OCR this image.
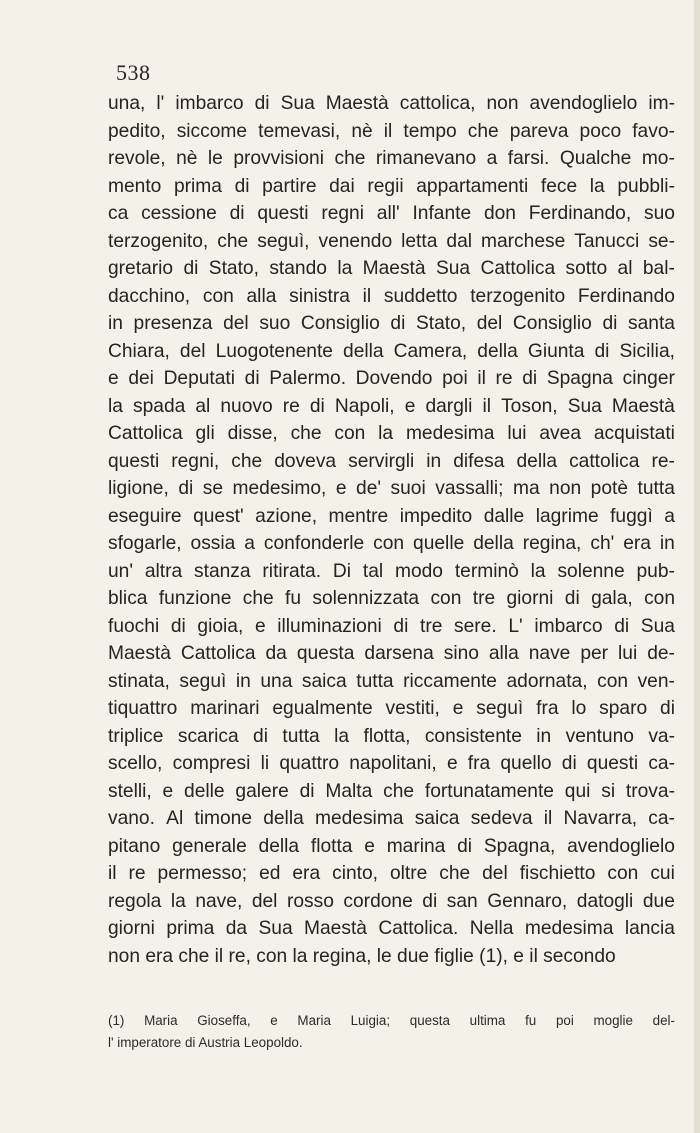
538
una, l' imbarco di Sua Maestà cattolica, non avendoglielo im-
pedito, siccome temevasi, nè il tempo che pareva poco favo-
revole, nè le provvisioni che rimanevano a farsi. Qualche mo-
mento prima di partire dai regii appartamenti fece la pubbli-
ca cessione di questi regni all' Infante don Ferdinando, suo
terzogenito, che seguì, venendo letta dal marchese Tanucci se-
gretario di Stato, stando la Maestà Sua Cattolica sotto al bal-
dacchino, con alla sinistra il suddetto terzogenito Ferdinando
in presenza del suo Consiglio di Stato, del Consiglio di santa
Chiara, del Luogotenente della Camera, della Giunta di Sicilia,
e dei Deputati di Palermo. Dovendo poi il re di Spagna cinger
la spada al nuovo re di Napoli, e dargli il Toson, Sua Maestà
Cattolica gli disse, che con la medesima lui avea acquistati
questi regni, che doveva servirgli in difesa della cattolica re-
ligione, di se medesimo, e de' suoi vassalli; ma non potè tutta
eseguire quest' azione, mentre impedito dalle lagrime fuggì a
sfogarle, ossia a confonderle con quelle della regina, ch' era in
un' altra stanza ritirata. Di tal modo terminò la solenne pub-
blica funzione che fu solennizzata con tre giorni di gala, con
fuochi di gioia, e illuminazioni di tre sere. L' imbarco di Sua
Maestà Cattolica da questa darsena sino alla nave per lui de-
stinata, seguì in una saica tutta riccamente adornata, con ven-
tiquattro marinari egualmente vestiti, e seguì fra lo sparo di
triplice scarica di tutta la flotta, consistente in ventuno va-
scello, compresi li quattro napolitani, e fra quello di questi ca-
stelli, e delle galere di Malta che fortunatamente qui si trova-
vano. Al timone della medesima saica sedeva il Navarra, ca-
pitano generale della flotta e marina di Spagna, avendoglielo
il re permesso; ed era cinto, oltre che del fischietto con cui
regola la nave, del rosso cordone di san Gennaro, datogli due
giorni prima da Sua Maestà Cattolica. Nella medesima lancia
non era che il re, con la regina, le due figlie (1), e il secondo
(1) Maria Gioseffa, e Maria Luigia; questa ultima fu poi moglie del-
l' imperatore di Austria Leopoldo.
